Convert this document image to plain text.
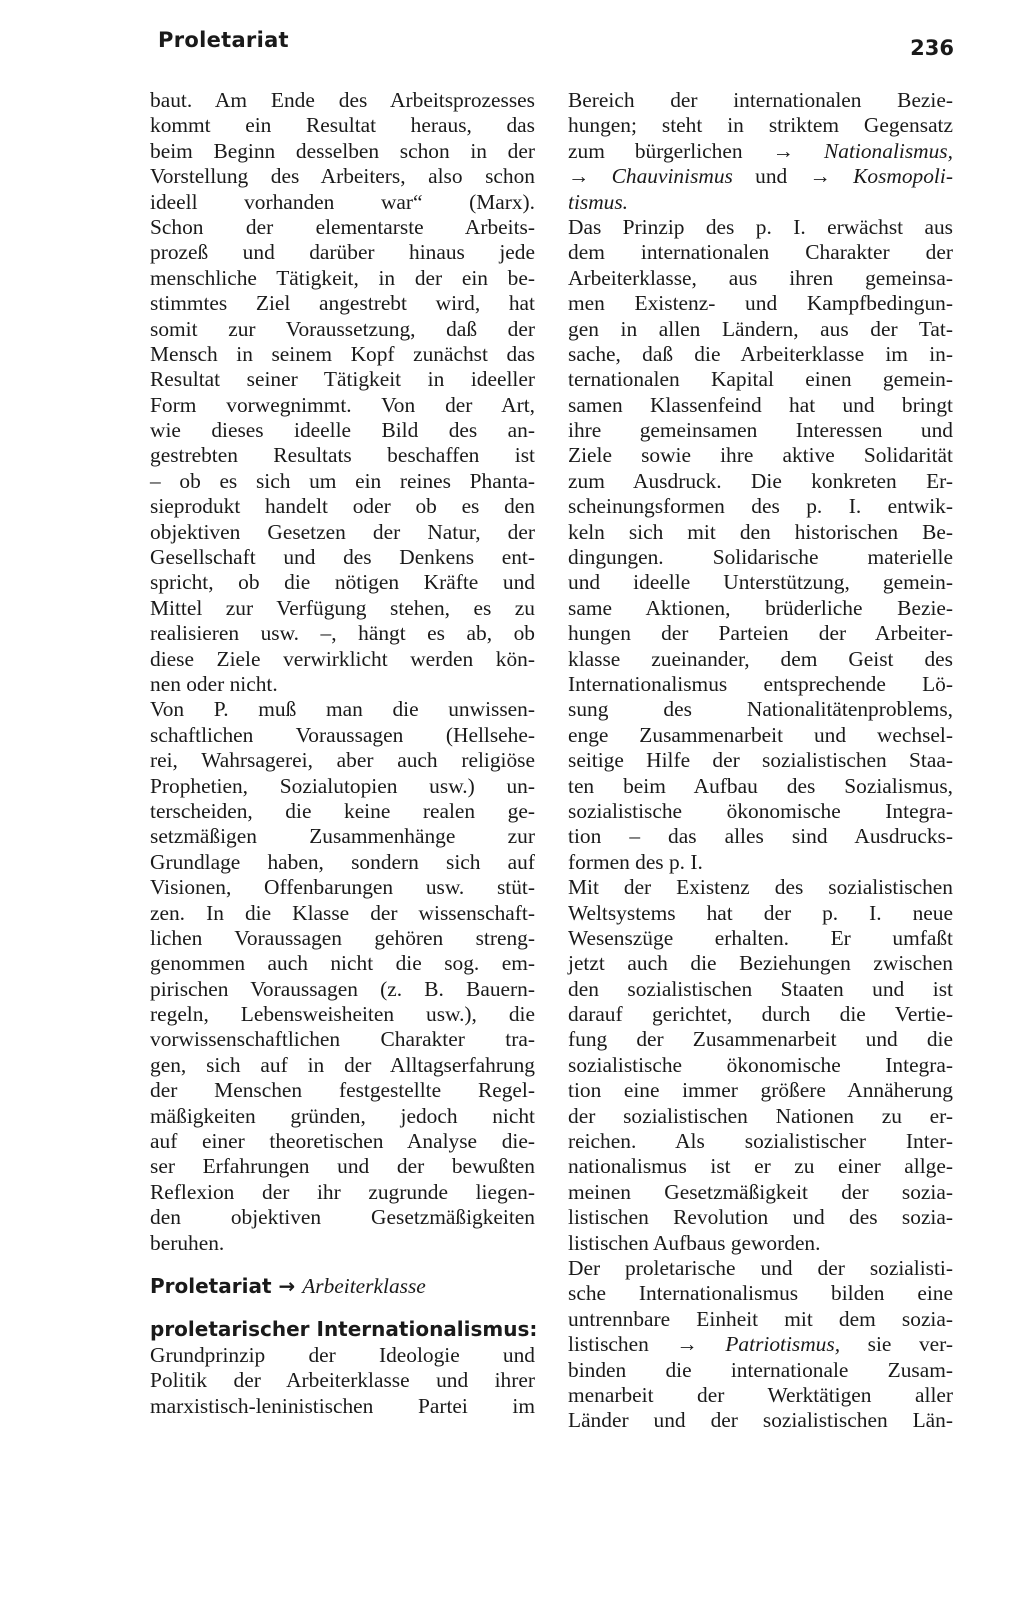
Proletariat	236
baut. Am Ende des Arbeitsprozesses
kommt ein Resultat heraus, das
beim Beginn desselben schon in der
Vorstellung des Arbeiters, also schon
ideell vorhanden war“ (Marx).
Schon der elementarste Arbeits-
prozeß und darüber hinaus jede
menschliche Tätigkeit, in der ein be-
stimmtes Ziel angestrebt wird, hat
somit zur Voraussetzung, daß der
Mensch in seinem Kopf zunächst das
Resultat seiner Tätigkeit in ideeller
Form vorwegnimmt. Von der Art,
wie dieses ideelle Bild des an-
gestrebten Resultats beschaffen ist
– ob es sich um ein reines Phanta-
sieprodukt handelt oder ob es den
objektiven Gesetzen der Natur, der
Gesellschaft und des Denkens ent-
spricht, ob die nötigen Kräfte und
Mittel zur Verfügung stehen, es zu
realisieren usw. –, hängt es ab, ob
diese Ziele verwirklicht werden kön-
nen oder nicht.
Von P. muß man die unwissen-
schaftlichen Voraussagen (Hellsehe-
rei, Wahrsagerei, aber auch religiöse
Prophetien, Sozialutopien usw.) un-
terscheiden, die keine realen ge-
setzmäßigen Zusammenhänge zur
Grundlage haben, sondern sich auf
Visionen, Offenbarungen usw. stüt-
zen. In die Klasse der wissenschaft-
lichen Voraussagen gehören streng-
genommen auch nicht die sog. em-
pirischen Voraussagen (z. B. Bauern-
regeln, Lebensweisheiten usw.), die
vorwissenschaftlichen Charakter tra-
gen, sich auf in der Alltagserfahrung
der Menschen festgestellte Regel-
mäßigkeiten gründen, jedoch nicht
auf einer theoretischen Analyse die-
ser Erfahrungen und der bewußten
Reflexion der ihr zugrunde liegen-
den objektiven Gesetzmäßigkeiten
beruhen.
Proletariat → Arbeiterklasse
proletarischer Internationalismus:
Grundprinzip der Ideologie und
Politik der Arbeiterklasse und ihrer
marxistisch-leninistischen Partei im
Bereich der internationalen Bezie-
hungen; steht in striktem Gegensatz
zum bürgerlichen → Nationalismus,
→ Chauvinismus und → Kosmopoli-
tismus.
Das Prinzip des p. I. erwächst aus
dem internationalen Charakter der
Arbeiterklasse, aus ihren gemeinsa-
men Existenz- und Kampfbedingun-
gen in allen Ländern, aus der Tat-
sache, daß die Arbeiterklasse im in-
ternationalen Kapital einen gemein-
samen Klassenfeind hat und bringt
ihre gemeinsamen Interessen und
Ziele sowie ihre aktive Solidarität
zum Ausdruck. Die konkreten Er-
scheinungsformen des p. I. entwik-
keln sich mit den historischen Be-
dingungen. Solidarische materielle
und ideelle Unterstützung, gemein-
same Aktionen, brüderliche Bezie-
hungen der Parteien der Arbeiter-
klasse zueinander, dem Geist des
Internationalismus entsprechende Lö-
sung des Nationalitätenproblems,
enge Zusammenarbeit und wechsel-
seitige Hilfe der sozialistischen Staa-
ten beim Aufbau des Sozialismus,
sozialistische ökonomische Integra-
tion – das alles sind Ausdrucks-
formen des p. I.
Mit der Existenz des sozialistischen
Weltsystems hat der p. I. neue
Wesenszüge erhalten. Er umfaßt
jetzt auch die Beziehungen zwischen
den sozialistischen Staaten und ist
darauf gerichtet, durch die Vertie-
fung der Zusammenarbeit und die
sozialistische ökonomische Integra-
tion eine immer größere Annäherung
der sozialistischen Nationen zu er-
reichen. Als sozialistischer Inter-
nationalismus ist er zu einer allge-
meinen Gesetzmäßigkeit der sozia-
listischen Revolution und des sozia-
listischen Aufbaus geworden.
Der proletarische und der sozialisti-
sche Internationalismus bilden eine
untrennbare Einheit mit dem sozia-
listischen → Patriotismus, sie ver-
binden die internationale Zusam-
menarbeit der Werktätigen aller
Länder und der sozialistischen Län-
